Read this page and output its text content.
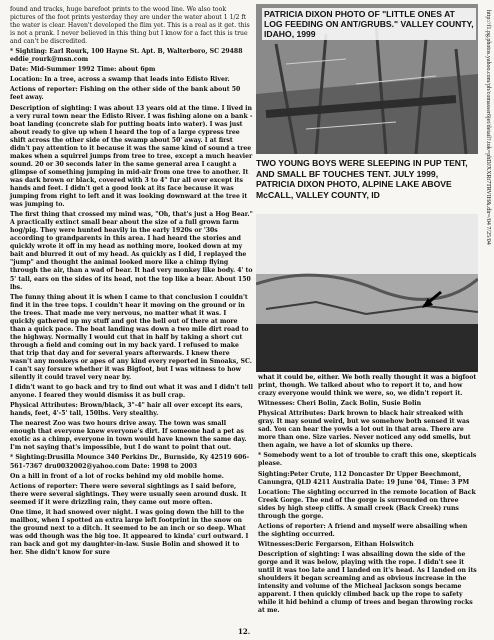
found and tracks, huge barefoot prints to the wood line. We also took pictures of the foot prints yesterday they are under the water about 1 1/2 ft the water is clear. Haven't developed the flim yet. This is a real as it get. this is not a prank. I never believed in this thing but I know for a fact this is true and can't be discredited.

* Sighting: Earl Rourk, 100 Hayne St. Apt. B, Walterboro, SC 29488 eddie_rourk@msn.com

Date: Mid-Summer 1992 Time: about 6pm

Location: In a tree, across a swamp that leads into Edisto River.

Actions of reporter: Fishing on the other side of the bank about 50 feet away.

Description of sighting: I was about 13 years old at the time. I lived in a very rural town near the Edisto River. I was fishing alone on a bank - boat landing (concrete slab for putting boats into water). I was just about ready to give up when I heard the top of a large cypress tree shift across the other side of the swamp about 50' away. I at first didn't pay attention to it because it was the same kind of sound a tree makes when a squirrel jumps from tree to tree, except a much heavier sound. 20 or 30 seconds later in the same general area I caught a glimpse of something jumping in mid-air from one tree to another. It was dark brown or black, covered with 3 to 4" fur all over except its hands and feet. I didn't get a good look at its face because it was jumping from right to left and it was looking downward at the tree it was jumping to.

The first thing that crossed my mind was, "Oh, that's just a Hog Bear." A practically extinct small bear about the size of a full grown farm hog/pig. They were hunted heavily in the early 1920s or '30s according to grandparents in this area. I had heard the stories and quickly wrote it off in my head as nothing more, looked down at my bait and blurred it out of my head. As quickly as I did, I replayed the "jump" and thought the animal looked more like a chimp flying through the air, than a wad of bear. It had very monkey like body. 4' to 5' tall, ears on the sides of its head, not the top like a bear. About 150 lbs.

The funny thing about it is when I came to that conclusion I couldn't find it in the tree tops. I couldn't hear it moving on the ground or in the trees. That made me very nervous, no matter what it was. I quickly gathered up my stuff and got the hell out of there at more than a quick pace. The boat landing was down a two mile dirt road to the highway. Normally I would cut that in half by taking a short cut through a field and coming out in my back yard. I refused to make that trip that day and for several years afterwards. I knew there wasn't any monkeys or apes of any kind every reported in Smoaks, SC. I can't say forsure whether it was Bigfoot, but I was witness to how silently it could travel very near by.

I didn't want to go back and try to find out what it was and I didn't tell anyone. I feared they would dismiss it as bull crap.

Physical Attributes: Brown/black, 3"-4" hair all over except its ears, hands, feet, 4'-5' tall, 150lbs. Very stealthy.

The nearest Zoo was two hours drive away. The town was small enough that everyone knew everyone's dirt. If someone had a pet as exotic as a chimp, everyone in town would have known the same day. I'm not saying that's impossible, but I do want to point that out.

* Sighting:Drusilla Mounce 340 Perkins Dr., Burnside, Ky 42519 606-561-7367 dru0032002@yahoo.com Date: 1998 to 2003

On a hill in front of a lot of rocks behind my old mobile home.

Actions of reporter: There were several sightings as I said before, there were several sightings. They were usually seen around dusk. It seemed if it were drizzling rain, they came out more often.

One time, it had snowed over night. I was going down the hill to the mailbox, when I spotted an extra large left footprint in the snow on the ground next to a ditch. It seemed to be an inch or so deep. What was odd though was the big toe. It appeared to kinda' curl outward. I ran back and got my daughter-in-law. Susie Bolin and showed it to her. She didn't know for sure

PATRICIA DIXON PHOTO OF "LITTLE ONES AT LOG FEEDING ON ANT/GRUBS." VALLEY COUNTY, IDAHO, 1999
TWO YOUNG BOYS WERE SLEEPING IN PUP TENT, AND SMALL BF TOUCHES TENT. JULY 1999, PATRICIA DIXON PHOTO, ALPINE LAKE ABOVE McCALL, VALLEY COUNTY, ID

what it could be, either. We both really thought it was a bigfoot print, though. We talked about who to report it to, and how crazy everyone would think we were, so, we didn't report it.

Witnesses: Cheri Bolin, Zack Bolin, Susie Bolin

Physical Attributes: Dark brown to black hair streaked with gray. It may sound weird, but we somehow both sensed it was sad. You can hear the yowls a lot out in that area. There are more than one. Size varies. Never noticed any odd smells, but then again, we have a lot of skunks up there.

* Somebody went to a lot of trouble to craft this one, skepticals please.

Sighting:Peter Crute, 112 Doncaster Dr Upper Beechmont, Canungra, QLD 4211 Australia Date: 19 June '04, Time: 3 PM

Location: The sighting occurred in the remote location of Back Creek Gorge. The end of the gorge is surrounded on three sides by high steep cliffs. A small creek (Back Creek) runs through the gorge.

Actions of reporter: A friend and myself were absailing when the sighting occurred.

Witnesses:Deric Fergarson, Eithan Holswitch

Description of sighting: I was absailing down the side of the gorge and it was below, playing with the rope. I didn't see it until it was too late and I landed on it's head. As I landed on its shoulders it began screaming and as obvious increase in the intensity and volume of the Micheal Jackson songs became apparent. I then quickly climbed back up the rope to safety while it hid behind a clump of trees and began throwing rocks at me.

http://f1.pg.photos.yahoo.com/ph/comasser6jet/detail?.tok=phDJXXRt7TRVIH&.dir=/04 7/25/04
12.
